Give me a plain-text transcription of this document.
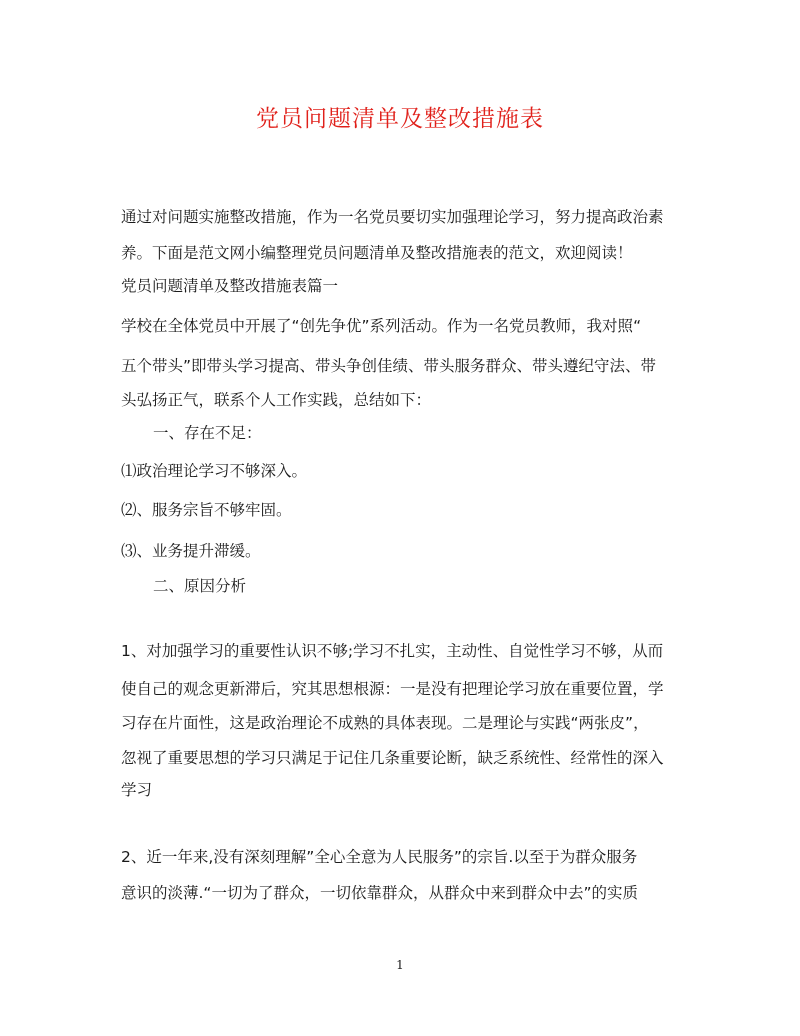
党员问题清单及整改措施表
通过对问题实施整改措施，作为一名党员要切实加强理论学习，努力提高政治素
养。下面是范文网小编整理党员问题清单及整改措施表的范文，欢迎阅读！
党员问题清单及整改措施表篇一
学校在全体党员中开展了“创先争优”系列活动。作为一名党员教师，我对照“
五个带头”即带头学习提高、带头争创佳绩、带头服务群众、带头遵纪守法、带
头弘扬正气，联系个人工作实践，总结如下：
一、存在不足：
⑴政治理论学习不够深入。
⑵、服务宗旨不够牢固。
⑶、业务提升滞缓。
二、原因分析
1、对加强学习的重要性认识不够;学习不扎实，主动性、自觉性学习不够，从而
使自己的观念更新滞后，究其思想根源：一是没有把理论学习放在重要位置，学
习存在片面性，这是政治理论不成熟的具体表现。二是理论与实践“两张皮”，
忽视了重要思想的学习只满足于记住几条重要论断，缺乏系统性、经常性的深入
学习
2、近一年来,没有深刻理解”全心全意为人民服务”的宗旨.以至于为群众服务
意识的淡薄.“一切为了群众，一切依靠群众，从群众中来到群众中去”的实质
1
